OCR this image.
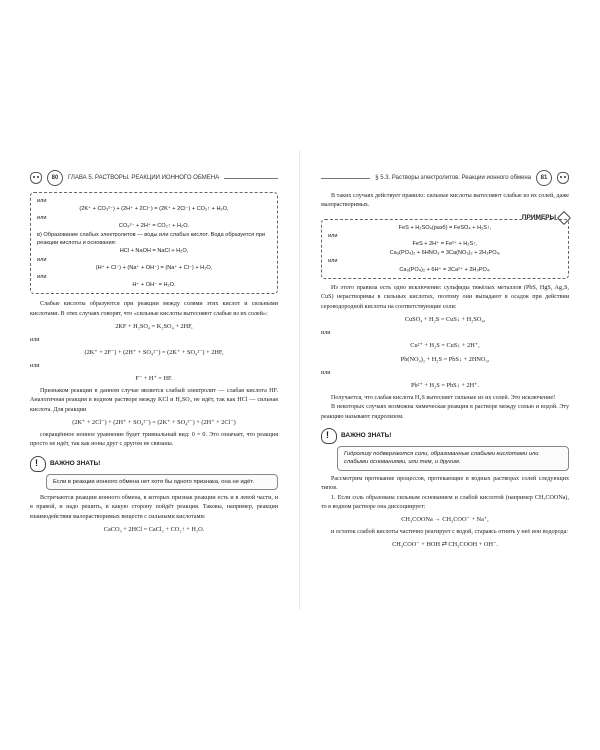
80	ГЛАВА 5. РАСТВОРЫ. РЕАКЦИИ ИОННОГО ОБМЕНА
или
(2K⁺ + CO₃²⁻) + (2H⁺ + 2Cl⁻) = (2K⁺ + 2Cl⁻) + CO₂↑ + H₂O,
или
CO₃²⁻ + 2H⁺ = CO₂↑ + H₂O.
в) Образование слабых электролитов — воды или слабых кислот. Вода образуется при реакции кислоты и основания:
HCl + NaOH = NaCl + H₂O,
или
(H⁺ + Cl⁻) + (Na⁺ + OH⁻) = (Na⁺ + Cl⁻) + H₂O,
или
H⁺ + OH⁻ = H₂O.

Слабые кислоты образуются при реакции между солями этих кислот и сильными кислотами. В этих случаях говорят, что «сильные кислоты вытесняют слабые из их солей»:

2KF + H₂SO₄ = K₂SO₄ + 2HF,
или
(2K⁺ + 2F⁻) + (2H⁺ + SO₄²⁻) = (2K⁺ + SO₄²⁻) + 2HF,
или
F⁻ + H⁺ = HF.

Признаком реакции в данном случае является слабый электролит — слабая кислота HF. Аналогичная реакция в водном растворе между KCl и H₂SO₄ не идёт, так как HCl — сильная кислота. Для реакции

(2K⁺ + 2Cl⁻) + (2H⁺ + SO₄²⁻) = (2K⁺ + SO₄²⁻) + (2H⁺ + 2Cl⁻)

сокращённое ионное уравнение будет тривиальный вид: 0 = 0. Это означает, что реакция просто не идёт, так как ионы друг с другом не связаны.

!
ВАЖНО ЗНАТЬ!
Если в реакции ионного обмена нет хотя бы одного признака, она не идёт.

Встречаются реакции ионного обмена, в которых признак реакции есть и в левой части, и в правой, и надо решить, в какую сторону пойдёт реакция. Таковы, например, реакции взаимодействия малорастворимых веществ с сильными кислотами:

CaCO₃ + 2HCl = CaCl₂ + CO₂↑ + H₂O.
§ 5.3. Растворы электролитов. Реакции ионного обмена	81

В таких случаях действует правило: сильные кислоты вытесняют слабые из их солей, даже малорастворимых.

ПРИМЕРЫ
FeS + H₂SO₄(разб) = FeSO₄ + H₂S↑,
или
FeS + 2H⁺ = Fe²⁺ + H₂S↑,
Ca₃(PO₄)₂ + 6HNO₃ = 3Ca(NO₃)₂ + 2H₃PO₄,
или
Ca₃(PO₄)₂ + 6H⁺ = 3Ca²⁺ + 2H₃PO₄.

Из этого правила есть одно исключение: сульфиды тяжёлых металлов (PbS, HgS, Ag₂S, CuS) нерастворимы в сильных кислотах, поэтому они выпадают в осадок при действии сероводородной кислоты на соответствующие соли:

CuSO₄ + H₂S = CuS↓ + H₂SO₄,
или
Cu²⁺ + H₂S = CuS↓ + 2H⁺,
Pb(NO₃)₂ + H₂S = PbS↓ + 2HNO₃,
или
Pb²⁺ + H₂S = PbS↓ + 2H⁺.

Получается, что слабая кислота H₂S вытесняет сильные из их солей. Это исключение!

В некоторых случаях возможна химическая реакция в растворе между солью и водой. Эту реакцию называют гидролизом.

!
ВАЖНО ЗНАТЬ!
Гидролизу подвергаются соли, образованные слабыми кислотами или слабыми основаниями, или тем, и другим.

Рассмотрим протекание процессов, протекающие в водных растворах солей следующих типов.

1. Если соль образована сильным основанием и слабой кислотой (например CH₃COONa), то в водном растворе она диссоциирует:

CH₃COONa → CH₃COO⁻ + Na⁺,

и остаток слабой кислоты частично реагирует с водой, стараясь отнять у неё ион водорода:

CH₃COO⁻ + HOH ⇄ CH₃COOH + OH⁻.
